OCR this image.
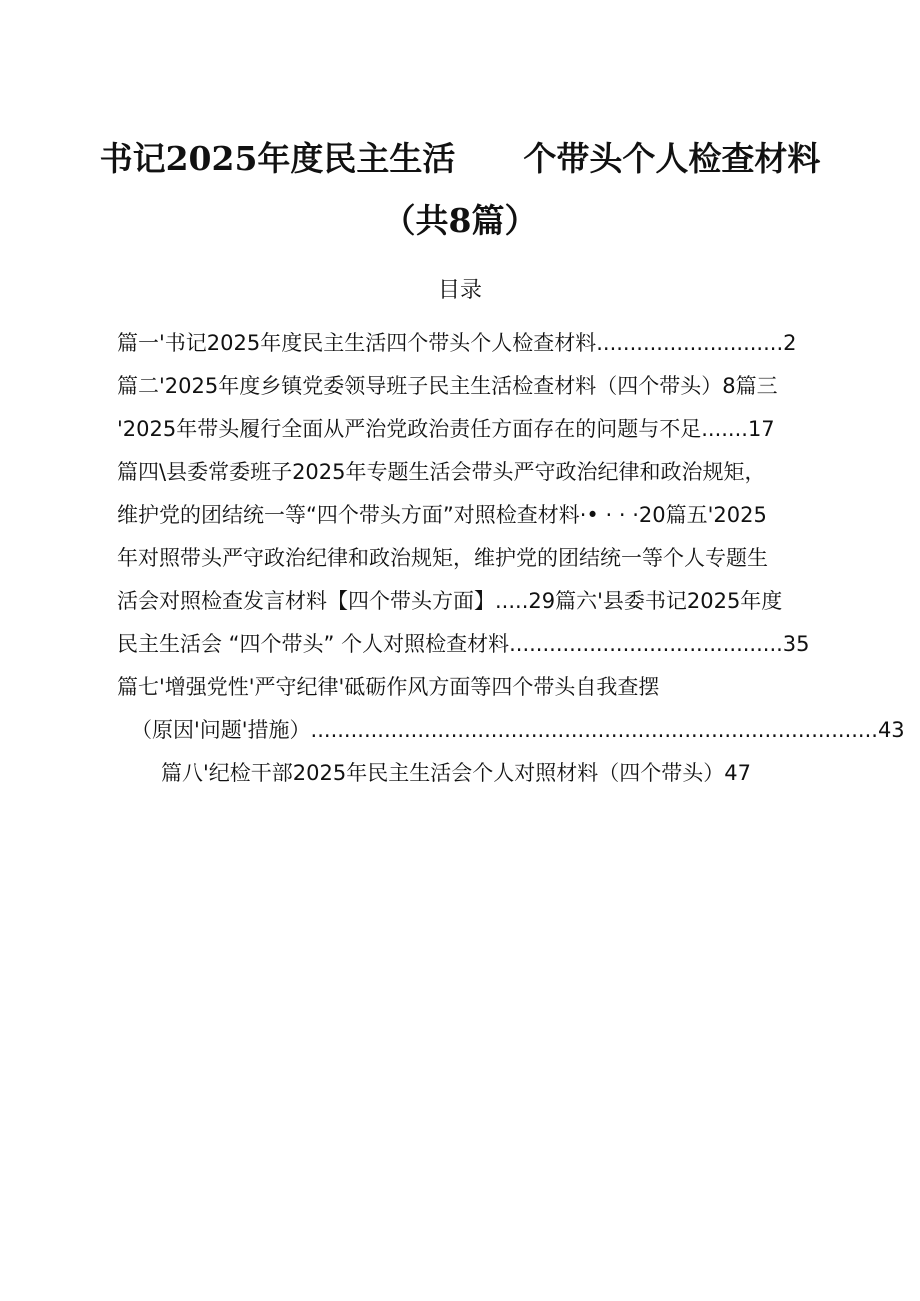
书记2025年度民主生活 个带头个人检查材料
（共8篇）
目录
篇一'书记2025年度民主生活四个带头个人检查材料............................2
篇二'2025年度乡镇党委领导班子民主生活检查材料（四个带头）8篇三
'2025年带头履行全面从严治党政治责任方面存在的问题与不足.......17
篇四\县委常委班子2025年专题生活会带头严守政治纪律和政治规矩，
维护党的团结统一等“四个带头方面”对照检查材料·• · · ·20篇五'2025
年对照带头严守政治纪律和政治规矩，维护党的团结统一等个人专题生
活会对照检查发言材料【四个带头方面】.....29篇六'县委书记2025年度
民主生活会 “四个带头” 个人对照检查材料.........................................35
篇七'增强党性'严守纪律'砥砺作风方面等四个带头自我查摆
（原因'问题'措施）.....................................................................................43
篇八'纪检干部2025年民主生活会个人对照材料（四个带头）47
